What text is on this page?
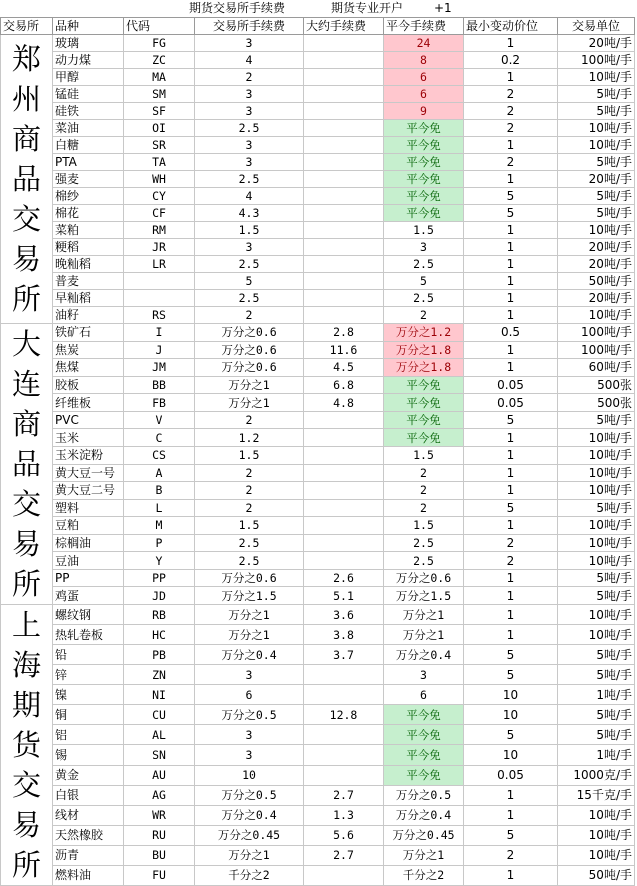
期货交易所手续费

	期货专业开户

	+1

交易所	品种	代码	交易所手续费	大约手续费	平今手续费	最小变动价位	交易单位
郑州商品交易所	玻璃	FG	3		24	1	20吨/手
	动力煤	ZC	4		8	0.2	100吨/手
	甲醇	MA	2		6	1	10吨/手
	锰硅	SM	3		6	2	5吨/手
	硅铁	SF	3		9	2	5吨/手
	菜油	OI	2.5		平今免	2	10吨/手
	白糖	SR	3		平今免	1	10吨/手
	PTA	TA	3		平今免	2	5吨/手
	强麦	WH	2.5		平今免	1	20吨/手
	棉纱	CY	4		平今免	5	5吨/手
	棉花	CF	4.3		平今免	5	5吨/手
	菜粕	RM	1.5		1.5	1	10吨/手
	粳稻	JR	3		3	1	20吨/手
	晚籼稻	LR	2.5		2.5	1	20吨/手
	普麦		5		5	1	50吨/手
	早籼稻		2.5		2.5	1	20吨/手
	油籽	RS	2		2	1	10吨/手
大连商品交易所	铁矿石	I	万分之0.6	2.8	万分之1.2	0.5	100吨/手
	焦炭	J	万分之0.6	11.6	万分之1.8	1	100吨/手
	焦煤	JM	万分之0.6	4.5	万分之1.8	1	60吨/手
	胶板	BB	万分之1	6.8	平今免	0.05	500张
	纤维板	FB	万分之1	4.8	平今免	0.05	500张
	PVC	V	2		平今免	5	5吨/手
	玉米	C	1.2		平今免	1	10吨/手
	玉米淀粉	CS	1.5		1.5	1	10吨/手
	黄大豆一号	A	2		2	1	10吨/手
	黄大豆二号	B	2		2	1	10吨/手
	塑料	L	2		2	5	5吨/手
	豆粕	M	1.5		1.5	1	10吨/手
	棕榈油	P	2.5		2.5	2	10吨/手
	豆油	Y	2.5		2.5	2	10吨/手
	PP	PP	万分之0.6	2.6	万分之0.6	1	5吨/手
	鸡蛋	JD	万分之1.5	5.1	万分之1.5	1	5吨/手
上海期货交易所	螺纹钢	RB	万分之1	3.6	万分之1	1	10吨/手
	热轧卷板	HC	万分之1	3.8	万分之1	1	10吨/手
	铅	PB	万分之0.4	3.7	万分之0.4	5	5吨/手
	锌	ZN	3		3	5	5吨/手
	镍	NI	6		6	10	1吨/手
	铜	CU	万分之0.5	12.8	平今免	10	5吨/手
	铝	AL	3		平今免	5	5吨/手
	锡	SN	3		平今免	10	1吨/手
	黄金	AU	10		平今免	0.05	1000克/手
	白银	AG	万分之0.5	2.7	万分之0.5	1	15千克/手
	线材	WR	万分之0.4	1.3	万分之0.4	1	10吨/手
	天然橡胶	RU	万分之0.45	5.6	万分之0.45	5	10吨/手
	沥青	BU	万分之1	2.7	万分之1	2	10吨/手
	燃料油	FU	千分之2		千分之2	1	50吨/手
